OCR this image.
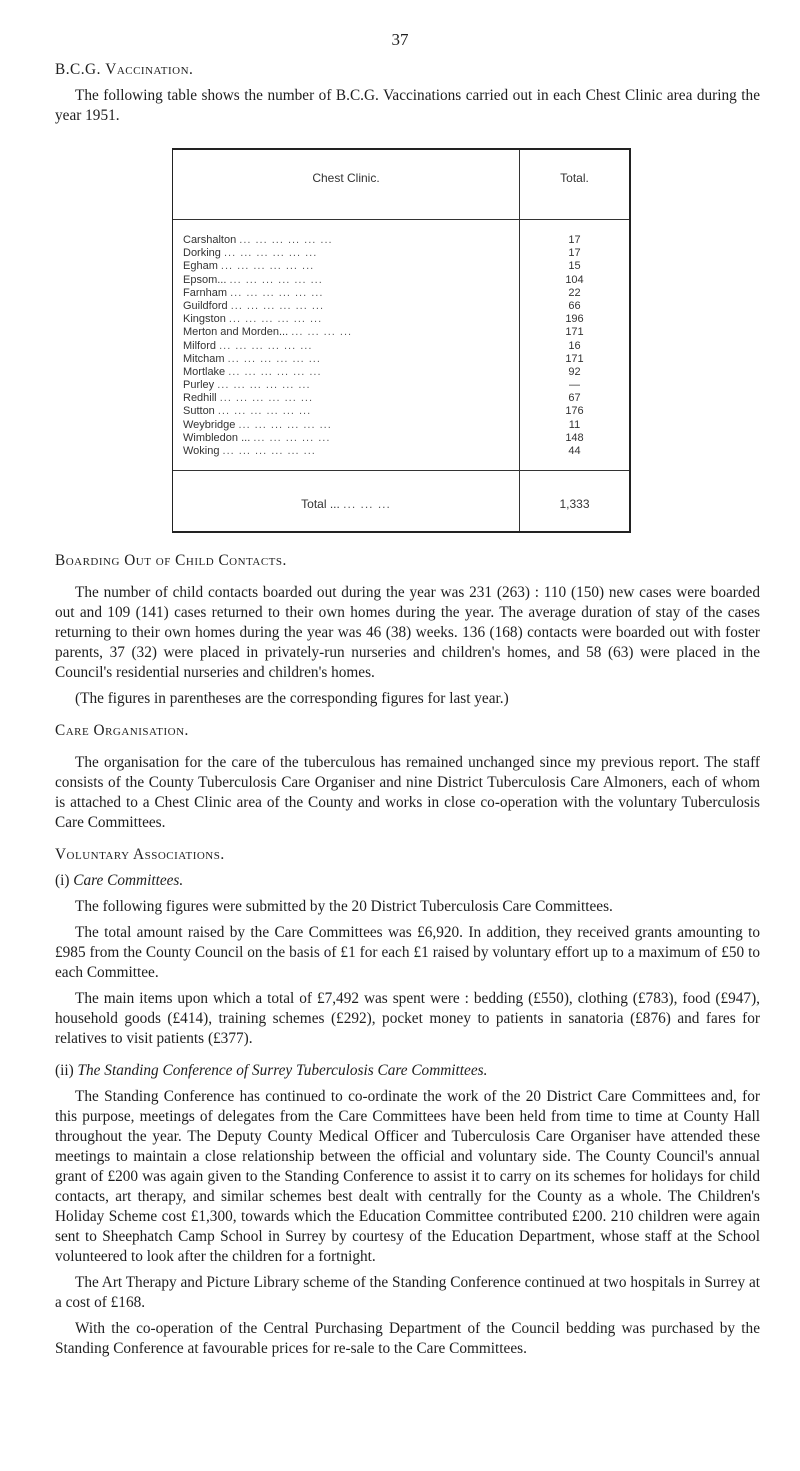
37
B.C.G. Vaccination.

The following table shows the number of B.C.G. Vaccinations carried out in each Chest Clinic area during the year 1951.

Chest Clinic.	Total.
Carshalton ... ... ... ... ... ...
Dorking ... ... ... ... ... ...
Egham ... ... ... ... ... ...
Epsom... ... ... ... ... ... ...
Farnham ... ... ... ... ... ...
Guildford ... ... ... ... ... ...
Kingston ... ... ... ... ... ...
Merton and Morden... ... ... ... ...
Milford ... ... ... ... ... ...
Mitcham ... ... ... ... ... ...
Mortlake ... ... ... ... ... ...
Purley ... ... ... ... ... ...
Redhill ... ... ... ... ... ...
Sutton ... ... ... ... ... ...
Weybridge ... ... ... ... ... ...
Wimbledon ... ... ... ... ... ...
Woking ... ... ... ... ... ...
17
17
15
104
22
66
196
171
16
171
92
—
67
176
11
148
44
Total ... ... ... ...	1,333
Boarding Out of Child Contacts.

The number of child contacts boarded out during the year was 231 (263) : 110 (150) new cases were boarded out and 109 (141) cases returned to their own homes during the year. The average duration of stay of the cases returning to their own homes during the year was 46 (38) weeks. 136 (168) contacts were boarded out with foster parents, 37 (32) were placed in privately-run nurseries and children's homes, and 58 (63) were placed in the Council's residential nurseries and children's homes.

(The figures in parentheses are the corresponding figures for last year.)

Care Organisation.

The organisation for the care of the tuberculous has remained unchanged since my previous report. The staff consists of the County Tuberculosis Care Organiser and nine District Tuberculosis Care Almoners, each of whom is attached to a Chest Clinic area of the County and works in close co-operation with the voluntary Tuberculosis Care Committees.

Voluntary Associations.

(i) Care Committees.

The following figures were submitted by the 20 District Tuberculosis Care Committees.

The total amount raised by the Care Committees was £6,920. In addition, they received grants amounting to £985 from the County Council on the basis of £1 for each £1 raised by voluntary effort up to a maximum of £50 to each Committee.

The main items upon which a total of £7,492 was spent were : bedding (£550), clothing (£783), food (£947), household goods (£414), training schemes (£292), pocket money to patients in sanatoria (£876) and fares for relatives to visit patients (£377).

(ii) The Standing Conference of Surrey Tuberculosis Care Committees.

The Standing Conference has continued to co-ordinate the work of the 20 District Care Committees and, for this purpose, meetings of delegates from the Care Committees have been held from time to time at County Hall throughout the year. The Deputy County Medical Officer and Tuberculosis Care Organiser have attended these meetings to maintain a close relationship between the official and voluntary side. The County Council's annual grant of £200 was again given to the Standing Conference to assist it to carry on its schemes for holidays for child contacts, art therapy, and similar schemes best dealt with centrally for the County as a whole. The Children's Holiday Scheme cost £1,300, towards which the Education Committee contributed £200. 210 children were again sent to Sheephatch Camp School in Surrey by courtesy of the Education Department, whose staff at the School volunteered to look after the children for a fortnight.

The Art Therapy and Picture Library scheme of the Standing Conference continued at two hospitals in Surrey at a cost of £168.

With the co-operation of the Central Purchasing Department of the Council bedding was purchased by the Standing Conference at favourable prices for re-sale to the Care Committees.
